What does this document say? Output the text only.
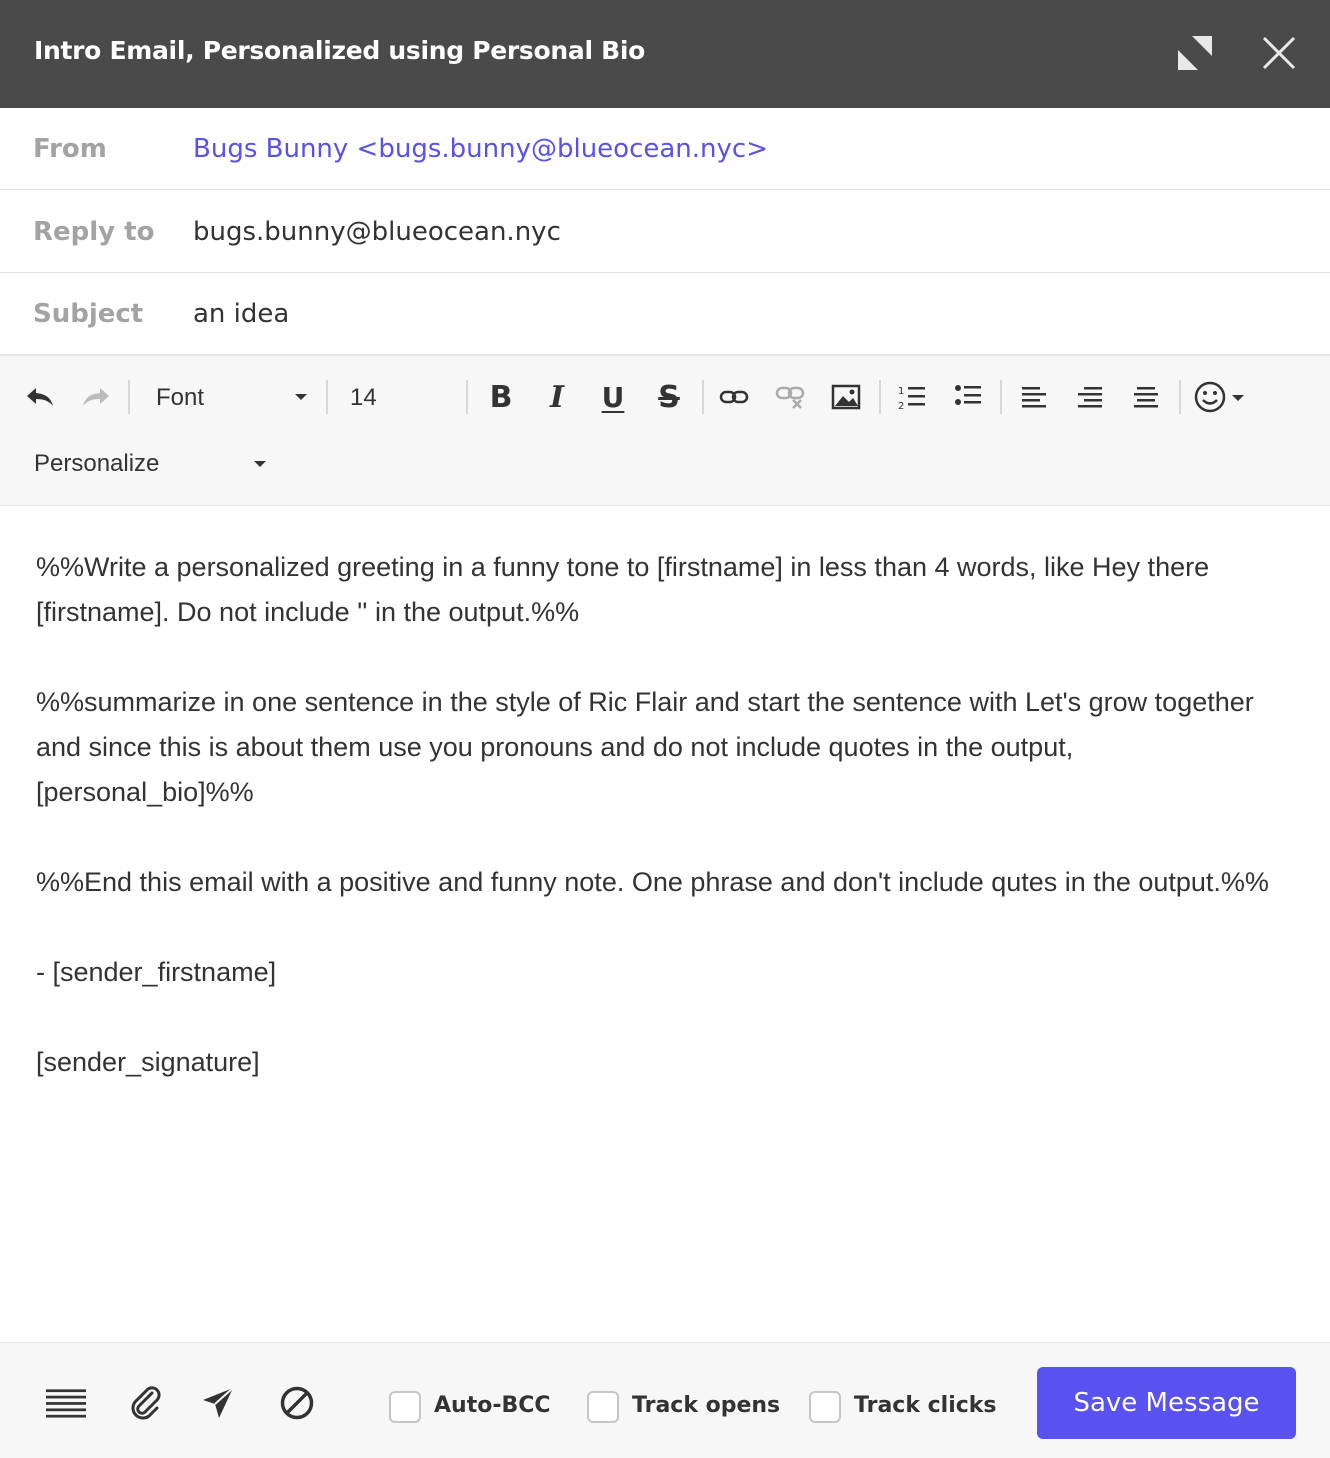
Intro Email, Personalized using Personal Bio
From	Bugs Bunny <bugs.bunny@blueocean.nyc>
Reply to bugs.bunny@blueocean.nyc
Subject an idea
Font	14	B	I	U	S	1
2
Personalize

%%Write a personalized greeting in a funny tone to [firstname] in less than 4 words, like Hey there [firstname]. Do not include '' in the output.%%

%%summarize in one sentence in the style of Ric Flair and start the sentence with Let's grow together and since this is about them use you pronouns and do not include quotes in the output, [personal_bio]%%

%%End this email with a positive and funny note. One phrase and don't include qutes in the output.%%

- [sender_firstname]

[sender_signature]

Auto-BCC	Track opens	Track clicks	Save Message
